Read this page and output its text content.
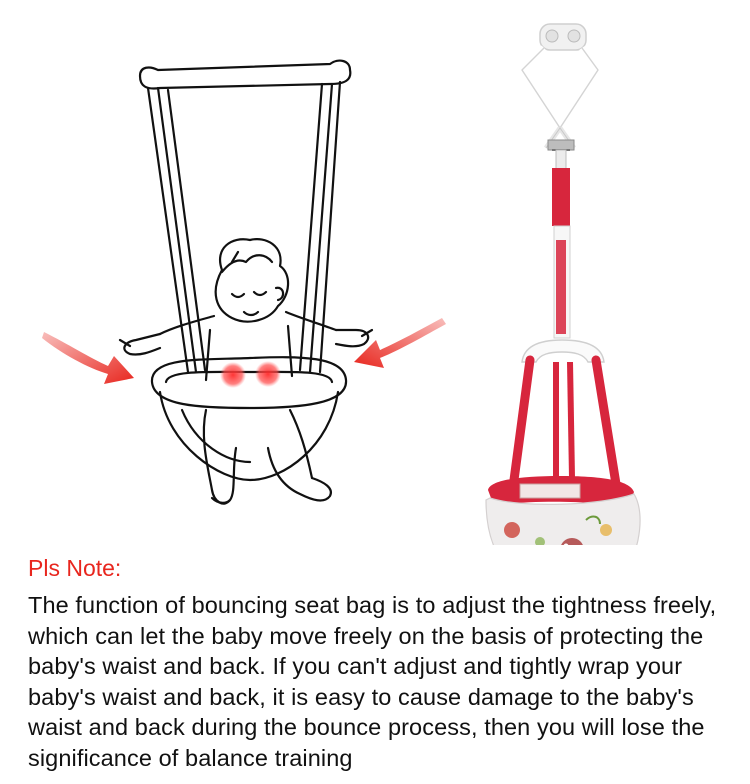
Pls Note:

The function of bouncing seat bag is to adjust the tightness freely, which can let the baby move freely on the basis of protecting the baby's waist and back. If you can't adjust and tightly wrap your baby's waist and back, it is easy to cause damage to the baby's waist and back during the bounce process, then you will lose the significance of balance training
